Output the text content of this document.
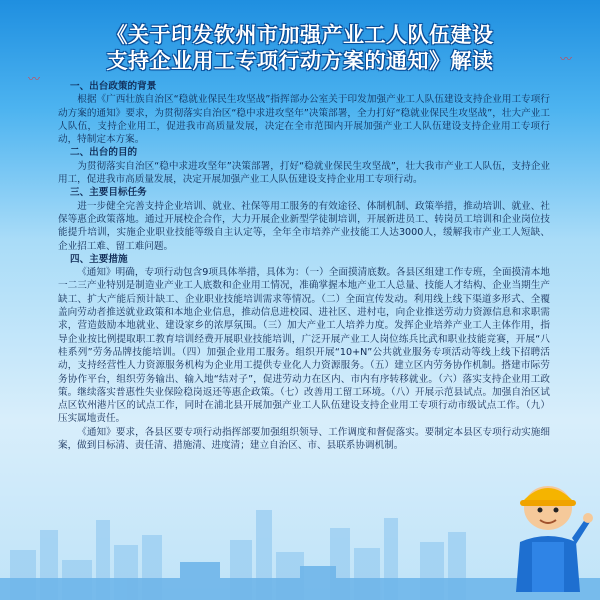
〰
〰
《关于印发钦州市加强产业工人队伍建设
支持企业用工专项行动方案的通知》解读
一、出台政策的背景

根据《广西壮族自治区“稳就业保民生攻坚战”指挥部办公室关于印发加强产业工人队伍建设支持企业用工专项行动方案的通知》要求，为贯彻落实自治区“稳中求进攻坚年”决策部署，全力打好“稳就业保民生攻坚战”，壮大产业工人队伍，支持企业用工，促进我市高质量发展，决定在全市范围内开展加强产业工人队伍建设支持企业用工专项行动，特制定本方案。

二、出台的目的

为贯彻落实自治区“稳中求进攻坚年”决策部署，打好“稳就业保民生攻坚战”，壮大我市产业工人队伍，支持企业用工，促进我市高质量发展，决定开展加强产业工人队伍建设支持企业用工专项行动。

三、主要目标任务

进一步健全完善支持企业培训、就业、社保等用工服务的有效途径、体制机制、政策举措，推动培训、就业、社保等惠企政策落地。通过开展校企合作，大力开展企业新型学徒制培训，开展新进员工、转岗员工培训和企业岗位技能提升培训，实施企业职业技能等级自主认定等，全年全市培养产业技能工人达3000人，缓解我市产业工人短缺、企业招工难、留工难问题。

四、主要措施

《通知》明确，专项行动包含9项具体举措，具体为：（一）全面摸清底数。各县区组建工作专班，全面摸清本地一二三产业特别是制造业产业工人底数和企业用工情况，准确掌握本地产业工人总量、技能人才结构、企业当期生产缺工、扩大产能后预计缺工、企业职业技能培训需求等情况。（二）全面宣传发动。利用线上线下渠道多形式、全覆盖向劳动者推送就业政策和本地企业信息，推动信息进校园、进社区、进村屯，向企业推送劳动力资源信息和求职需求，营造鼓励本地就业、建设家乡的浓厚氛围。（三）加大产业工人培养力度。发挥企业培养产业工人主体作用，指导企业按比例提取职工教育培训经费开展职业技能培训，广泛开展产业工人岗位练兵比武和职业技能竞赛，开展“八桂系列”劳务品牌技能培训。（四）加强企业用工服务。组织开展“10+N”公共就业服务专项活动等线上线下招聘活动，支持经营性人力资源服务机构为企业用工提供专业化人力资源服务。（五）建立区内劳务协作机制。搭建市际劳务协作平台，组织劳务输出、输入地“结对子”，促进劳动力在区内、市内有序转移就业。（六）落实支持企业用工政策。继续落实普惠性失业保险稳岗返还等惠企政策。（七）改善用工留工环境。（八）开展示范县试点。加强自治区试点区钦州港片区的试点工作，同时在浦北县开展加强产业工人队伍建设支持企业用工专项行动市级试点工作。（九）压实属地责任。

《通知》要求，各县区要专项行动指挥部要加强组织领导、工作调度和督促落实。要制定本县区专项行动实施细案，做到目标清、责任清、措施清、进度清；建立自治区、市、县联系协调机制。
